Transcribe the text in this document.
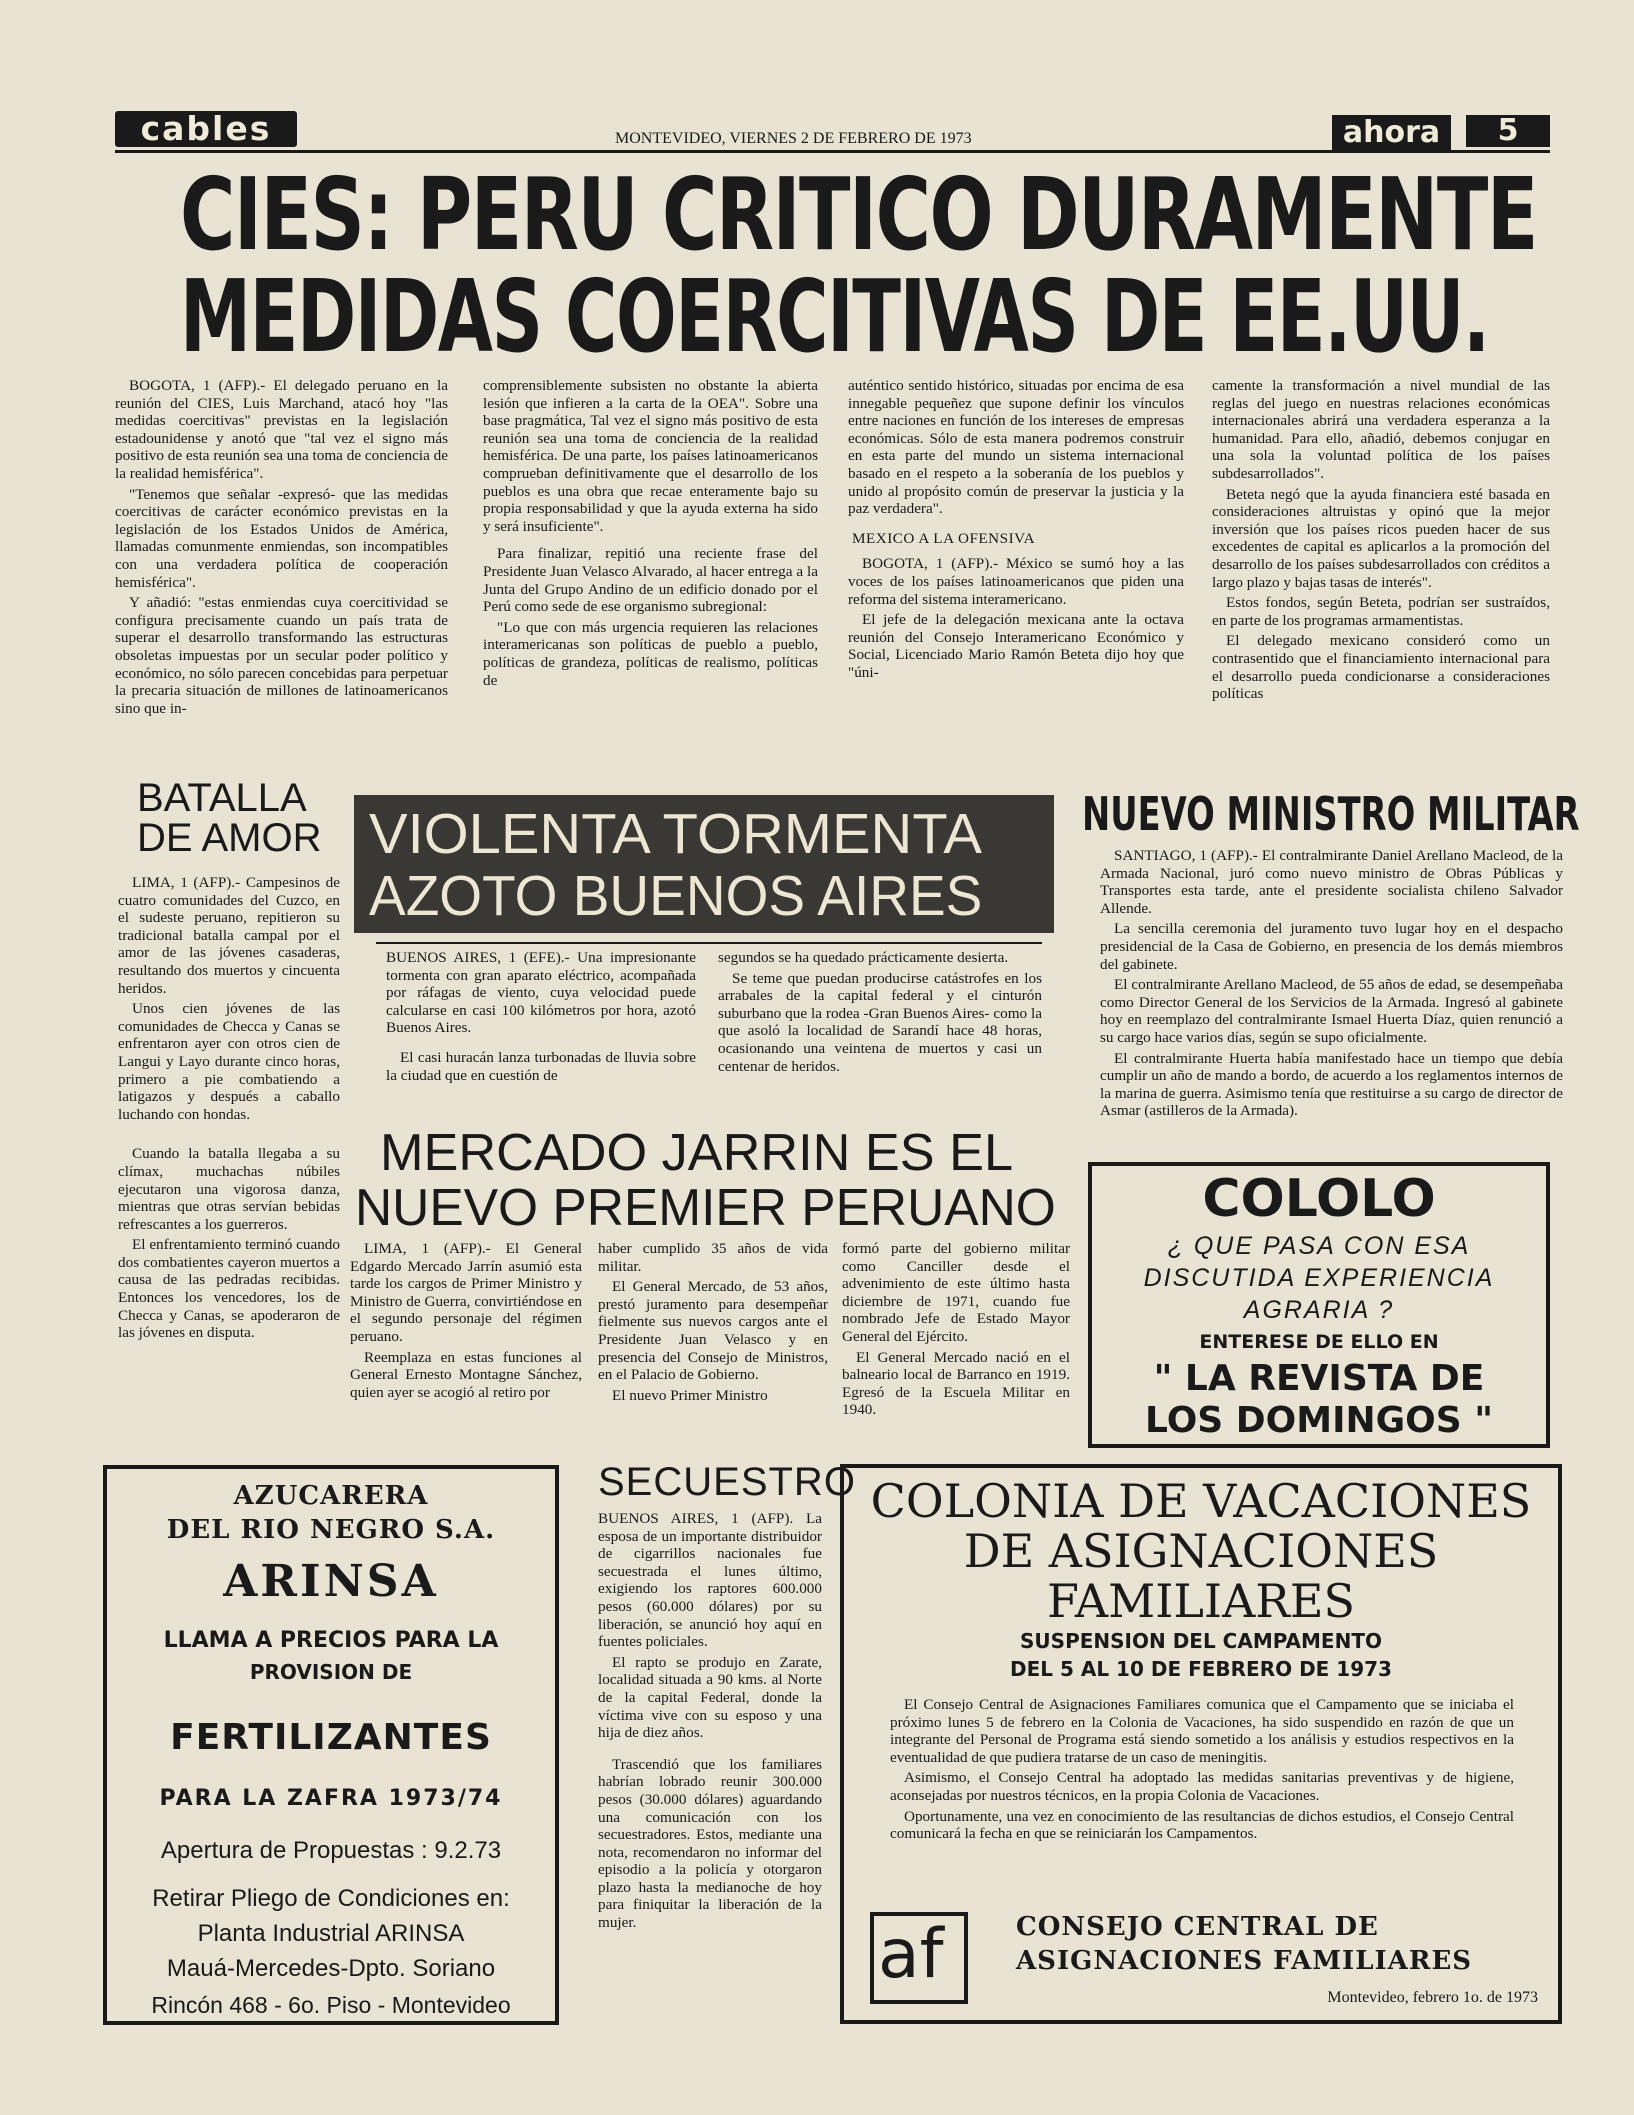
cables	MONTEVIDEO, VIERNES 2 DE FEBRERO DE 1973	ahora	5
CIES: PERU CRITICO DURAMENTE
MEDIDAS COERCITIVAS DE EE.UU.

BOGOTA, 1 (AFP).- El delegado peruano en la reunión del CIES, Luis Marchand, atacó hoy "las medidas coercitivas" previstas en la legislación estadounidense y anotó que "tal vez el signo más positivo de esta reunión sea una toma de conciencia de la realidad hemisférica".

"Tenemos que señalar -expresó- que las medidas coercitivas de carácter económico previstas en la legislación de los Estados Unidos de América, llamadas comunmente enmiendas, son incompatibles con una verdadera política de cooperación hemisférica".

Y añadió: "estas enmiendas cuya coercitividad se configura precisamente cuando un país trata de superar el desarrollo transformando las estructuras obsoletas impuestas por un secular poder político y económico, no sólo parecen concebidas para perpetuar la precaria situación de millones de latinoamericanos sino que in-

comprensiblemente subsisten no obstante la abierta lesión que infieren a la carta de la OEA". Sobre una base pragmática, Tal vez el signo más positivo de esta reunión sea una toma de conciencia de la realidad hemisférica. De una parte, los países latinoamericanos comprueban definitivamente que el desarrollo de los pueblos es una obra que recae enteramente bajo su propia responsabilidad y que la ayuda externa ha sido y será insuficiente".

Para finalizar, repitió una reciente frase del Presidente Juan Velasco Alvarado, al hacer entrega a la Junta del Grupo Andino de un edificio donado por el Perú como sede de ese organismo subregional:

"Lo que con más urgencia requieren las relaciones interamericanas son políticas de pueblo a pueblo, políticas de grandeza, políticas de realismo, políticas de

auténtico sentido histórico, situadas por encima de esa innegable pequeñez que supone definir los vínculos entre naciones en función de los intereses de empresas económicas. Sólo de esta manera podremos construir en esta parte del mundo un sistema internacional basado en el respeto a la soberanía de los pueblos y unido al propósito común de preservar la justicia y la paz verdadera".

MEXICO A LA OFENSIVA

BOGOTA, 1 (AFP).- México se sumó hoy a las voces de los países latinoamericanos que piden una reforma del sistema interamericano.

El jefe de la delegación mexicana ante la octava reunión del Consejo Interamericano Económico y Social, Licenciado Mario Ramón Beteta dijo hoy que "úni-

camente la transformación a nivel mundial de las reglas del juego en nuestras relaciones económicas internacionales abrirá una verdadera esperanza a la humanidad. Para ello, añadió, debemos conjugar en una sola la voluntad política de los países subdesarrollados".

Beteta negó que la ayuda financiera esté basada en consideraciones altruistas y opinó que la mejor inversión que los países ricos pueden hacer de sus excedentes de capital es aplicarlos a la promoción del desarrollo de los países subdesarrollados con créditos a largo plazo y bajas tasas de interés".

Estos fondos, según Beteta, podrían ser sustraídos, en parte de los programas armamentistas.

El delegado mexicano consideró como un contrasentido que el financiamiento internacional para el desarrollo pueda condicionarse a consideraciones políticas

BATALLA
DE AMOR

LIMA, 1 (AFP).- Campesinos de cuatro comunidades del Cuzco, en el sudeste peruano, repitieron su tradicional batalla campal por el amor de las jóvenes casaderas, resultando dos muertos y cincuenta heridos.

Unos cien jóvenes de las comunidades de Checca y Canas se enfrentaron ayer con otros cien de Langui y Layo durante cinco horas, primero a pie combatiendo a latigazos y después a caballo luchando con hondas.

Cuando la batalla llegaba a su clímax, muchachas núbiles ejecutaron una vigorosa danza, mientras que otras servían bebidas refrescantes a los guerreros.

El enfrentamiento terminó cuando dos combatientes cayeron muertos a causa de las pedradas recibidas. Entonces los vencedores, los de Checca y Canas, se apoderaron de las jóvenes en disputa.

VIOLENTA TORMENTA
AZOTO BUENOS AIRES

BUENOS AIRES, 1 (EFE).- Una impresionante tormenta con gran aparato eléctrico, acompañada por ráfagas de viento, cuya velocidad puede calcularse en casi 100 kilómetros por hora, azotó Buenos Aires.

El casi huracán lanza turbonadas de lluvia sobre la ciudad que en cuestión de

segundos se ha quedado prácticamente desierta.

Se teme que puedan producirse catástrofes en los arrabales de la capital federal y el cinturón suburbano que la rodea -Gran Buenos Aires- como la que asoló la localidad de Sarandí hace 48 horas, ocasionando una veintena de muertos y casi un centenar de heridos.

NUEVO MINISTRO MILITAR

SANTIAGO, 1 (AFP).- El contralmirante Daniel Arellano Macleod, de la Armada Nacional, juró como nuevo ministro de Obras Públicas y Transportes esta tarde, ante el presidente socialista chileno Salvador Allende.

La sencilla ceremonia del juramento tuvo lugar hoy en el despacho presidencial de la Casa de Gobierno, en presencia de los demás miembros del gabinete.

El contralmirante Arellano Macleod, de 55 años de edad, se desempeñaba como Director General de los Servicios de la Armada. Ingresó al gabinete hoy en reemplazo del contralmirante Ismael Huerta Díaz, quien renunció a su cargo hace varios días, según se supo oficialmente.

El contralmirante Huerta había manifestado hace un tiempo que debía cumplir un año de mando a bordo, de acuerdo a los reglamentos internos de la marina de guerra. Asimismo tenía que restituirse a su cargo de director de Asmar (astilleros de la Armada).

MERCADO JARRIN ES EL
NUEVO PREMIER PERUANO

LIMA, 1 (AFP).- El General Edgardo Mercado Jarrín asumió esta tarde los cargos de Primer Ministro y Ministro de Guerra, convirtiéndose en el segundo personaje del régimen peruano.

Reemplaza en estas funciones al General Ernesto Montagne Sánchez, quien ayer se acogió al retiro por

haber cumplido 35 años de vida militar.

El General Mercado, de 53 años, prestó juramento para desempeñar fielmente sus nuevos cargos ante el Presidente Juan Velasco y en presencia del Consejo de Ministros, en el Palacio de Gobierno.

El nuevo Primer Ministro

formó parte del gobierno militar como Canciller desde el advenimiento de este último hasta diciembre de 1971, cuando fue nombrado Jefe de Estado Mayor General del Ejército.

El General Mercado nació en el balneario local de Barranco en 1919. Egresó de la Escuela Militar en 1940.

COLOLO
¿ QUE PASA CON ESA
DISCUTIDA EXPERIENCIA
AGRARIA ?
ENTERESE DE ELLO EN
" LA REVISTA DE
LOS DOMINGOS "
AZUCARERA
DEL RIO NEGRO S.A.
ARINSA
LLAMA A PRECIOS PARA LA
PROVISION DE
FERTILIZANTES
PARA LA ZAFRA 1973/74
Apertura de Propuestas : 9.2.73
Retirar Pliego de Condiciones en:
Planta Industrial ARINSA
Mauá-Mercedes-Dpto. Soriano
Rincón 468 - 6o. Piso - Montevideo
SECUESTRO

BUENOS AIRES, 1 (AFP). La esposa de un importante distribuidor de cigarrillos nacionales fue secuestrada el lunes último, exigiendo los raptores 600.000 pesos (60.000 dólares) por su liberación, se anunció hoy aquí en fuentes policiales.

El rapto se produjo en Zarate, localidad situada a 90 kms. al Norte de la capital Federal, donde la víctima vive con su esposo y una hija de diez años.

Trascendió que los familiares habrían lobrado reunir 300.000 pesos (30.000 dólares) aguardando una comunicación con los secuestradores. Estos, mediante una nota, recomendaron no informar del episodio a la policía y otorgaron plazo hasta la medianoche de hoy para finiquitar la liberación de la mujer.

COLONIA DE VACACIONES
DE ASIGNACIONES
FAMILIARES
SUSPENSION DEL CAMPAMENTO
DEL 5 AL 10 DE FEBRERO DE 1973

El Consejo Central de Asignaciones Familiares comunica que el Campamento que se iniciaba el próximo lunes 5 de febrero en la Colonia de Vacaciones, ha sido suspendido en razón de que un integrante del Personal de Programa está siendo sometido a los análisis y estudios respectivos en la eventualidad de que pudiera tratarse de un caso de meningitis.

Asimismo, el Consejo Central ha adoptado las medidas sanitarias preventivas y de higiene, aconsejadas por nuestros técnicos, en la propia Colonia de Vacaciones.

Oportunamente, una vez en conocimiento de las resultancias de dichos estudios, el Consejo Central comunicará la fecha en que se reiniciarán los Campamentos.

af	CONSEJO CENTRAL DE
ASIGNACIONES FAMILIARES
Montevideo, febrero 1o. de 1973
